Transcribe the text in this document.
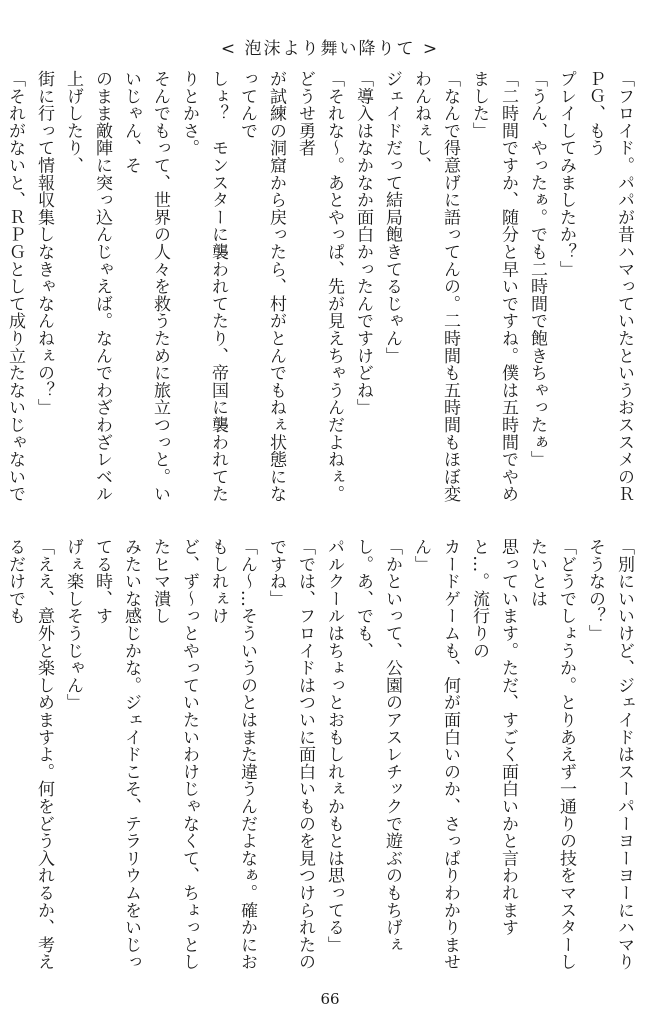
< 泡沫より舞い降りて >

「フロイド。パパが昔ハマっていたというおススメのＲＰＧ、もう

プレイしてみましたか？」

「うん、やったぁ。でも二時間で飽きちゃったぁ」

「二時間ですか、随分と早いですね。僕は五時間でやめました」

「なんで得意げに語ってんの。二時間も五時間もほぼ変わんねぇし、

ジェイドだって結局飽きてるじゃん」

「導入はなかなか面白かったんですけどね」

「それな〜。あとやっぱ、先が見えちゃうんだよねぇ。どうせ勇者

が試練の洞窟から戻ったら、村がとんでもねぇ状態になってんで

しょ？　モンスターに襲われてたり、帝国に襲われてたりとかさ。

そんでもって、世界の人々を救うために旅立つっと。いいじゃん、そ

のまま敵陣に突っ込んじゃえば。なんでわざわざレベル上げしたり、

街に行って情報収集しなきゃなんねぇの？」

「それがないと、ＲＰＧとして成り立たないじゃないで

「別にいいけど、ジェイドはスーパーヨーヨーにハマりそうなの？」

「どうでしょうか。とりあえず一通りの技をマスターしたいとは

思っています。ただ、すごく面白いかと言われますと…。流行りの

カードゲームも、何が面白いのか、さっぱりわかりません」

「かといって、公園のアスレチックで遊ぶのもちげぇし。あ、でも、

パルクールはちょっとおもしれぇかもとは思ってる」

「では、フロイドはついに面白いものを見つけられたのですね」

「ん〜…そういうのとはまた違うんだよなぁ。確かにおもしれぇけ

ど、ず〜っとやっていたいわけじゃなくて、ちょっとしたヒマ潰し

みたいな感じかな。ジェイドこそ、テラリウムをいじってる時、す

げぇ楽しそうじゃん」

「ええ、意外と楽しめますよ。何をどう入れるか、考えるだけでも

66
